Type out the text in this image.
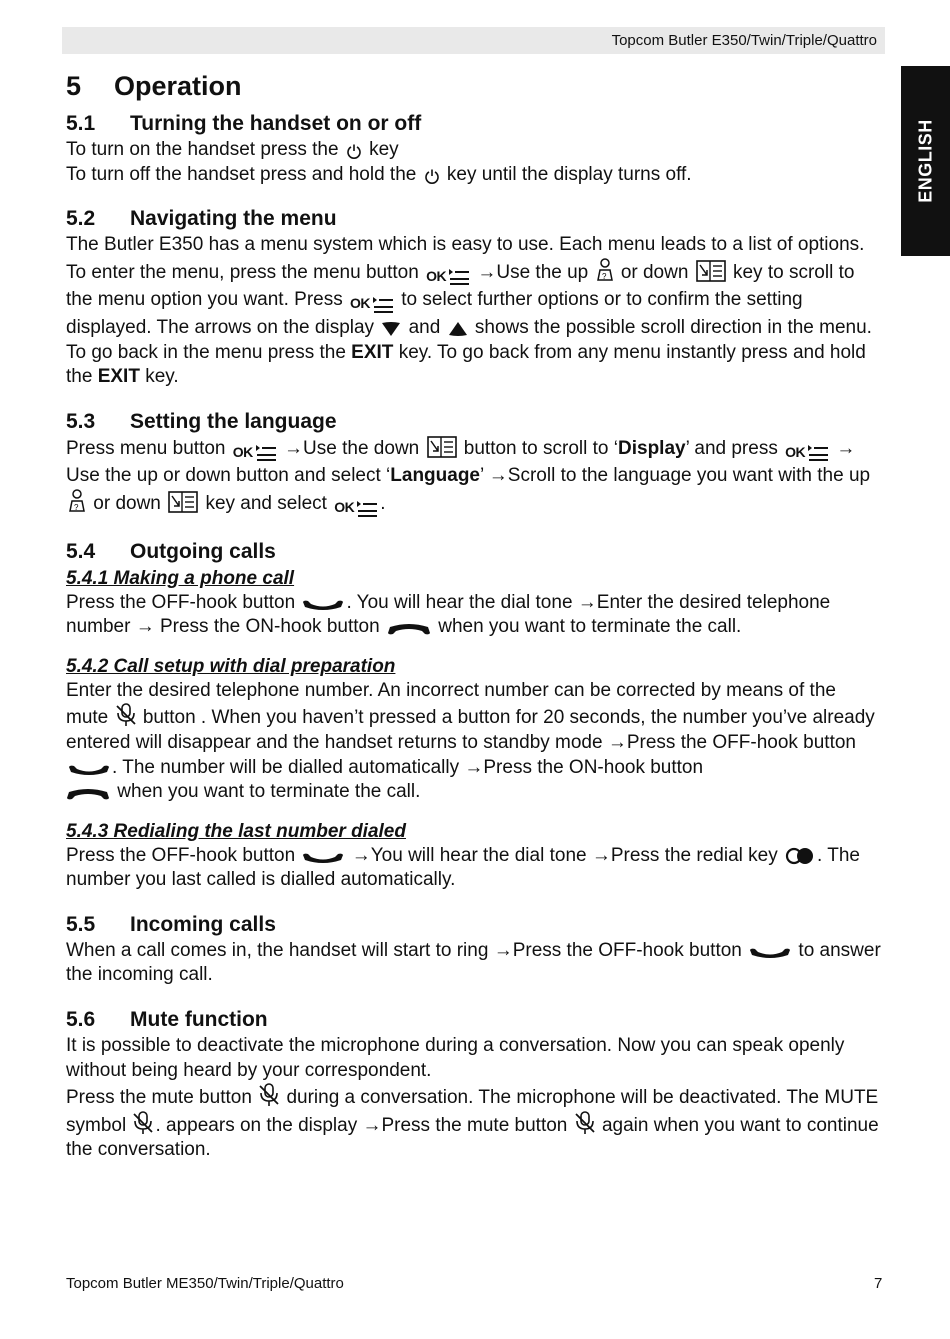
Topcom Butler E350/Twin/Triple/Quattro
ENGLISH
5	Operation
5.1	Turning the handset on or off

To turn on the handset press the key
To turn off the handset press and hold the key until the display turns off.

5.2	Navigating the menu

The Butler E350 has a menu system which is easy to use. Each menu leads to a list of options. To enter the menu, press the menu button OK →Use the up ? or down key to scroll to the menu option you want. Press OK to select further options or to confirm the setting displayed. The arrows on the display and shows the possible scroll direction in the menu. To go back in the menu press the EXIT key. To go back from any menu instantly press and hold the EXIT key.

5.3	Setting the language

Press menu button OK →Use the down button to scroll to ‘Display’ and press OK → Use the up or down button and select ‘Language’ →Scroll to the language you want with the up
? or down key and select OK .

5.4	Outgoing calls
5.4.1 Making a phone call

Press the OFF-hook button	. You will hear the dial tone →Enter the desired telephone number → Press the ON-hook button	when you want to terminate the call.

5.4.2 Call setup with dial preparation

Enter the desired telephone number. An incorrect number can be corrected by means of the mute button . When you haven’t pressed a button for 20 seconds, the number you’ve already entered will disappear and the handset returns to standby mode →Press the OFF-hook button . The number will be dialled automatically →Press the ON-hook button
when you want to terminate the call.

5.4.3 Redialing the last number dialed

Press the OFF-hook button	→You will hear the dial tone →Press the redial key . The number you last called is dialled automatically.

5.5	Incoming calls

When a call comes in, the handset will start to ring →Press the OFF-hook button	to answer the incoming call.

5.6	Mute function

It is possible to deactivate the microphone during a conversation. Now you can speak openly without being heard by your correspondent.
Press the mute button during a conversation. The microphone will be deactivated. The MUTE symbol . appears on the display →Press the mute button again when you want to continue the conversation.

Topcom Butler ME350/Twin/Triple/Quattro	7
